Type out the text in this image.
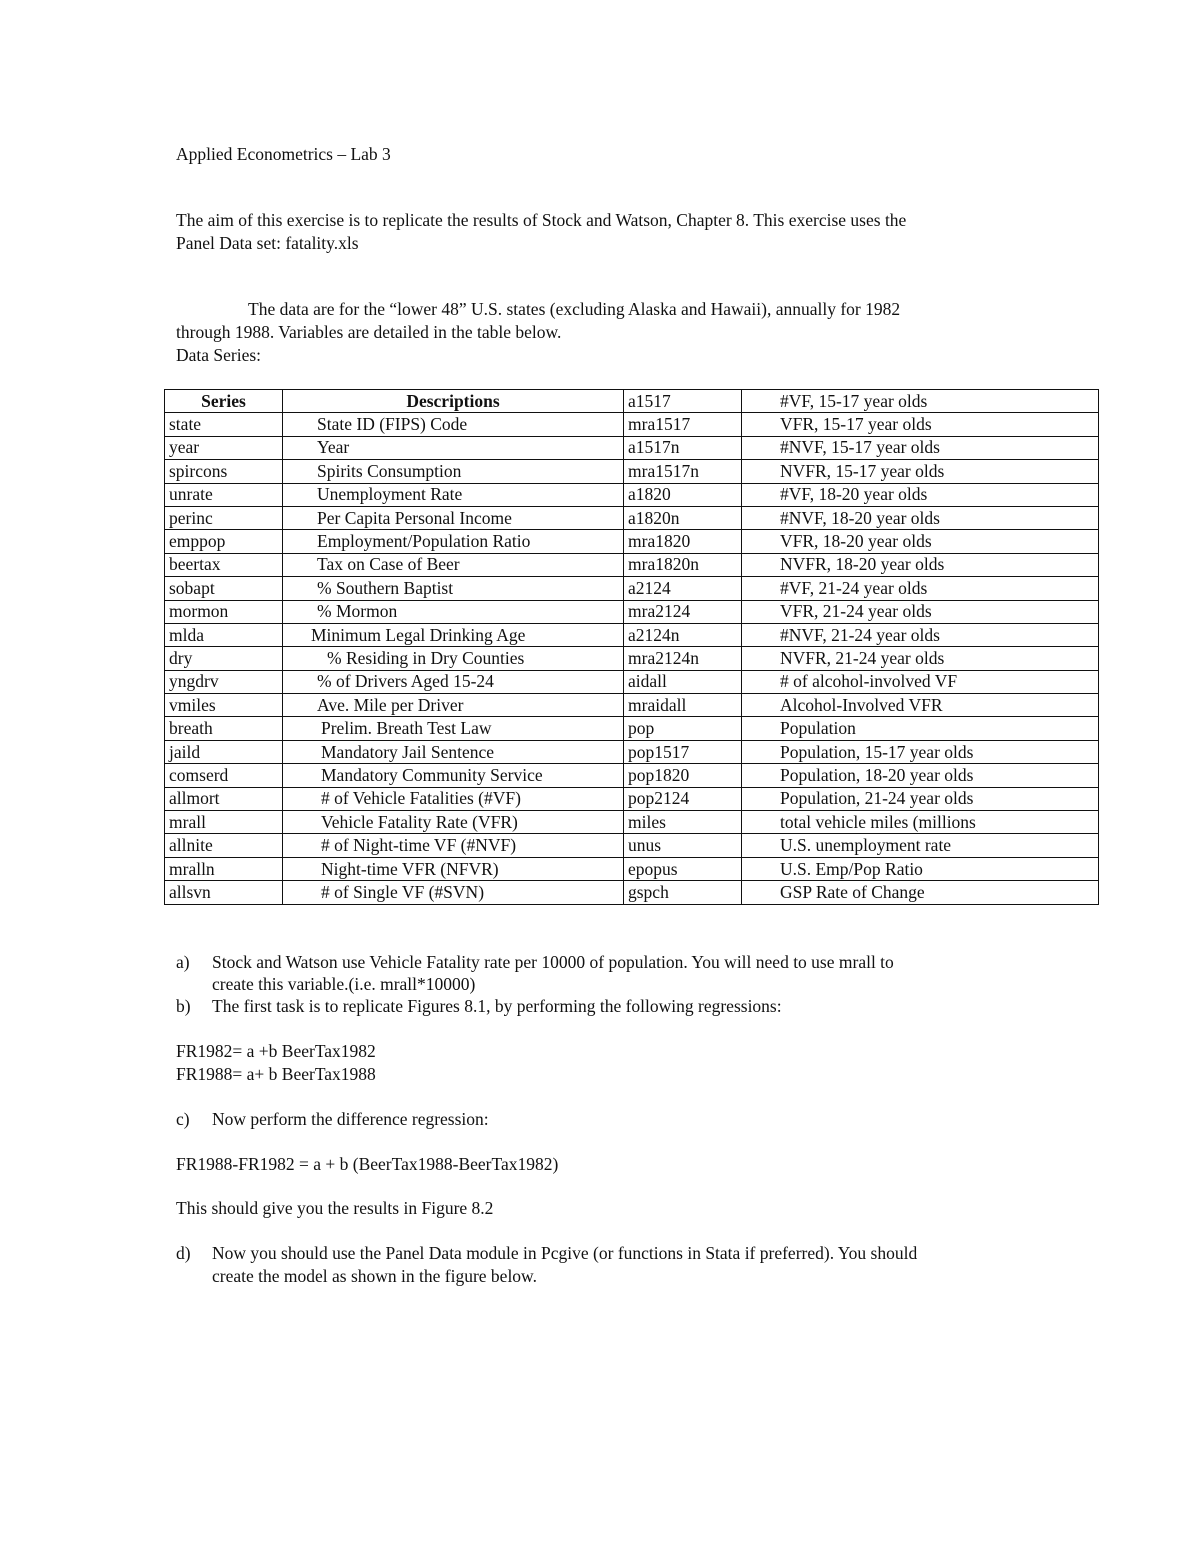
Applied Econometrics – Lab 3
The aim of this exercise is to replicate the results of Stock and Watson, Chapter 8. This exercise uses the
Panel Data set: fatality.xls
The data are for the “lower 48” U.S. states (excluding Alaska and Hawaii), annually for 1982
through 1988. Variables are detailed in the table below.
Data Series:
Series	Descriptions	a1517	#VF, 15-17 year olds
state	State ID (FIPS) Code	mra1517	VFR, 15-17 year olds
year	Year	a1517n	#NVF, 15-17 year olds
spircons	Spirits Consumption	mra1517n	NVFR, 15-17 year olds
unrate	Unemployment Rate	a1820	#VF, 18-20 year olds
perinc	Per Capita Personal Income	a1820n	#NVF, 18-20 year olds
emppop	Employment/Population Ratio	mra1820	VFR, 18-20 year olds
beertax	Tax on Case of Beer	mra1820n	NVFR, 18-20 year olds
sobapt	% Southern Baptist	a2124	#VF, 21-24 year olds
mormon	% Mormon	mra2124	VFR, 21-24 year olds
mlda	Minimum Legal Drinking Age	a2124n	#NVF, 21-24 year olds
dry	% Residing in Dry Counties	mra2124n	NVFR, 21-24 year olds
yngdrv	% of Drivers Aged 15-24	aidall	# of alcohol-involved VF
vmiles	Ave. Mile per Driver	mraidall	Alcohol-Involved VFR
breath	Prelim. Breath Test Law	pop	Population
jaild	Mandatory Jail Sentence	pop1517	Population, 15-17 year olds
comserd	Mandatory Community Service	pop1820	Population, 18-20 year olds
allmort	# of Vehicle Fatalities (#VF)	pop2124	Population, 21-24 year olds
mrall	Vehicle Fatality Rate (VFR)	miles	total vehicle miles (millions
allnite	# of Night-time VF (#NVF)	unus	U.S. unemployment rate
mralln	Night-time VFR (NFVR)	epopus	U.S. Emp/Pop Ratio
allsvn	# of Single VF (#SVN)	gspch	GSP Rate of Change
a) Stock and Watson use Vehicle Fatality rate per 10000 of population. You will need to use mrall to
create this variable.(i.e. mrall*10000)
b) The first task is to replicate Figures 8.1, by performing the following regressions:
FR1982= a +b BeerTax1982
FR1988= a+ b BeerTax1988
c) Now perform the difference regression:
FR1988-FR1982 = a + b (BeerTax1988-BeerTax1982)
This should give you the results in Figure 8.2
d) Now you should use the Panel Data module in Pcgive (or functions in Stata if preferred). You should
create the model as shown in the figure below.
